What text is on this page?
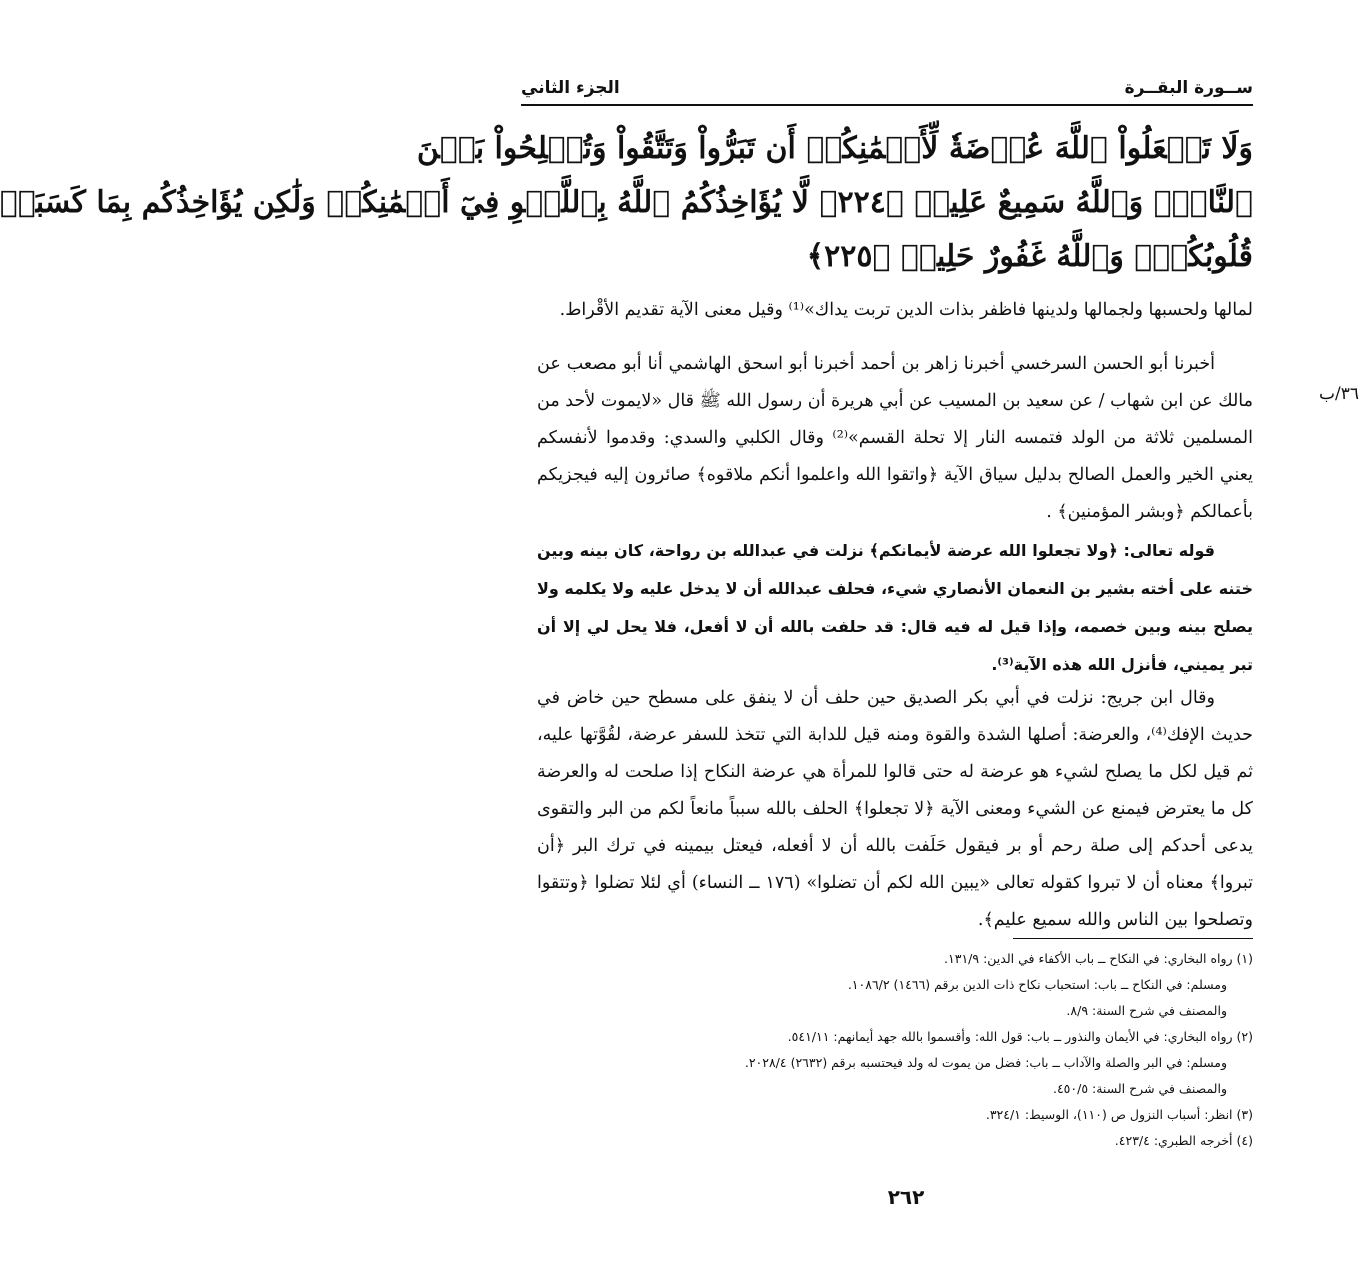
ســورة البقــرة
الجزء الثاني

وَلَا تَجۡعَلُواْ ٱللَّهَ عُرۡضَةٗ لِّأَيۡمَٰنِكُمۡ أَن تَبَرُّواْ وَتَتَّقُواْ وَتُصۡلِحُواْ بَيۡنَ

ٱلنَّاسِۚ وَٱللَّهُ سَمِيعٌ عَلِيمٞ ﴿٢٢٤﴾ لَّا يُؤَاخِذُكُمُ ٱللَّهُ بِٱللَّغۡوِ فِيٓ أَيۡمَٰنِكُمۡ وَلَٰكِن يُؤَاخِذُكُم بِمَا كَسَبَتۡ

قُلُوبُكُمۡۗ وَٱللَّهُ غَفُورٌ حَلِيمٞ ﴿٢٢٥﴾

لمالها ولحسبها ولجمالها ولدينها فاظفر بذات الدين تربت يداك»⁽¹⁾ وقيل معنى الآية تقديم الأقْراط.

٣٦/ب

أخبرنا أبو الحسن السرخسي أخبرنا زاهر بن أحمد أخبرنا أبو اسحق الهاشمي أنا أبو مصعب عن مالك عن ابن شهاب / عن سعيد بن المسيب عن أبي هريرة أن رسول الله ﷺ قال «لايموت لأحد من المسلمين ثلاثة من الولد فتمسه النار إلا تحلة القسم»⁽²⁾ وقال الكلبي والسدي: وقدموا لأنفسكم يعني الخير والعمل الصالح بدليل سياق الآية ﴿واتقوا الله واعلموا أنكم ملاقوه﴾ صائرون إليه فيجزيكم بأعمالكم ﴿وبشر المؤمنين﴾ .

قوله تعالى: ﴿ولا تجعلوا الله عرضة لأيمانكم﴾ نزلت في عبدالله بن رواحة، كان بينه وبين ختنه على أخته بشير بن النعمان الأنصاري شيء، فحلف عبدالله أن لا يدخل عليه ولا يكلمه ولا يصلح بينه وبين خصمه، وإذا قيل له فيه قال: قد حلفت بالله أن لا أفعل، فلا يحل لي إلا أن تبر يميني، فأنزل الله هذه الآية⁽³⁾.

وقال ابن جريج: نزلت في أبي بكر الصديق حين حلف أن لا ينفق على مسطح حين خاض في حديث الإفك⁽⁴⁾، والعرضة: أصلها الشدة والقوة ومنه قيل للدابة التي تتخذ للسفر عرضة، لقُوَّتها عليه، ثم قيل لكل ما يصلح لشيء هو عرضة له حتى قالوا للمرأة هي عرضة النكاح إذا صلحت له والعرضة كل ما يعترض فيمنع عن الشيء ومعنى الآية ﴿لا تجعلوا﴾ الحلف بالله سبباً مانعاً لكم من البر والتقوى يدعى أحدكم إلى صلة رحم أو بر فيقول حَلَفت بالله أن لا أفعله، فيعتل بيمينه في ترك البر ﴿أن تبروا﴾ معناه أن لا تبروا كقوله تعالى «يبين الله لكم أن تضلوا» (١٧٦ ــ النساء) أي لئلا تضلوا ﴿وتتقوا وتصلحوا بين الناس والله سميع عليم﴾.

(١) رواه البخاري: في النكاح ــ باب الأكفاء في الدين: ١٣١/٩.

ومسلم: في النكاح ــ باب: استحباب نكاح ذات الدين برقم (١٤٦٦) ١٠٨٦/٢.

والمصنف في شرح السنة: ٨/٩.

(٢) رواه البخاري: في الأيمان والنذور ــ باب: قول الله: وأقسموا بالله جهد أيمانهم: ٥٤١/١١.

ومسلم: في البر والصلة والآداب ــ باب: فضل من يموت له ولد فيحتسبه برقم (٢٦٣٢) ٢٠٢٨/٤.

والمصنف في شرح السنة: ٤٥٠/٥.

(٣) انظر: أسباب النزول ص (١١٠)، الوسيط: ٣٢٤/١.

(٤) أخرجه الطبري: ٤٢٣/٤.

٢٦٢
